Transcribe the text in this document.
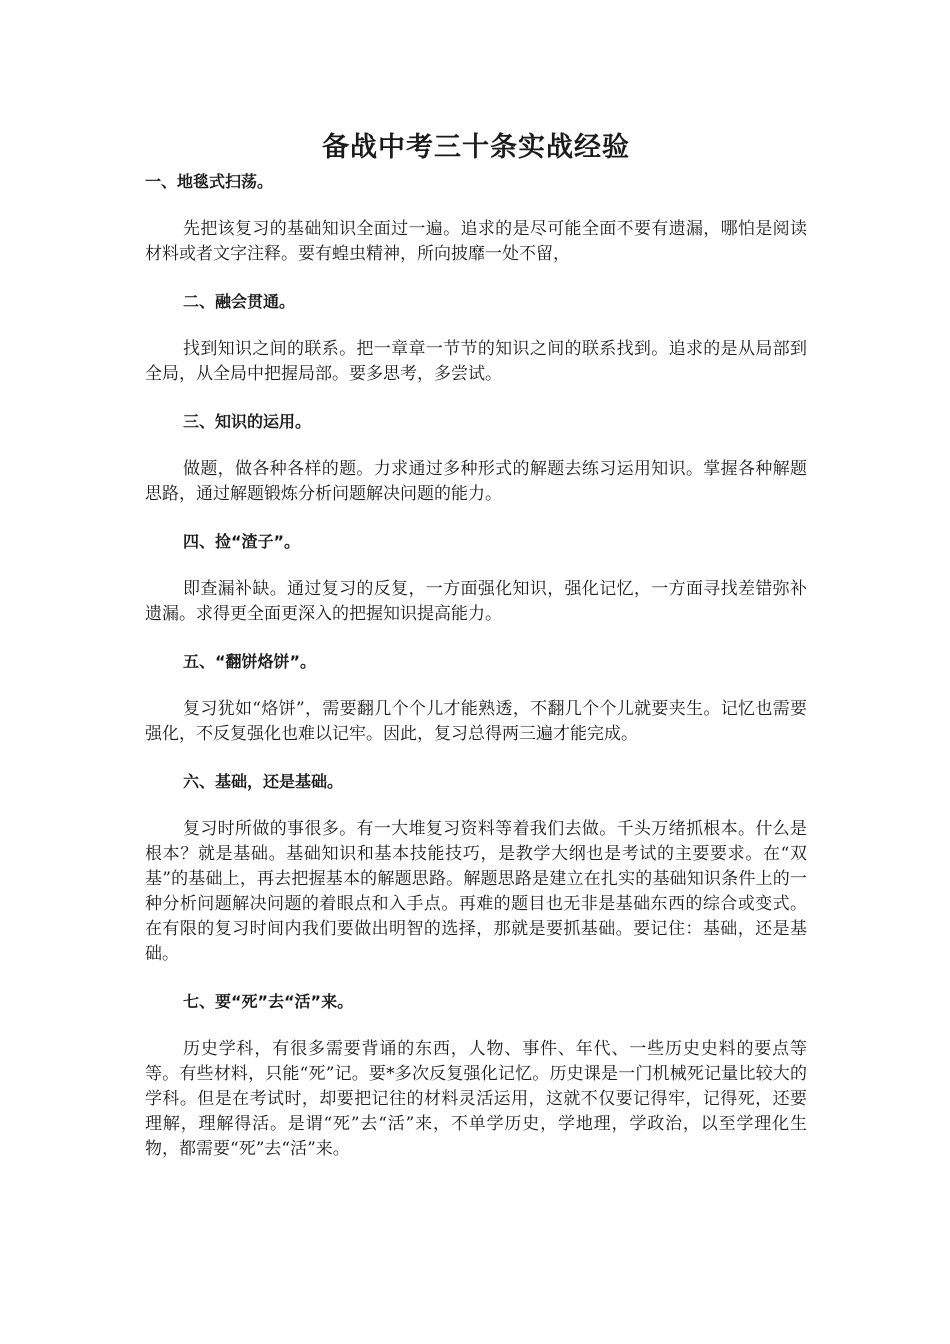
备战中考三十条实战经验

一、地毯式扫荡。

先把该复习的基础知识全面过一遍。追求的是尽可能全面不要有遗漏，哪怕是阅读材料或者文字注释。要有蝗虫精神，所向披靡一处不留，

二、融会贯通。

找到知识之间的联系。把一章章一节节的知识之间的联系找到。追求的是从局部到全局，从全局中把握局部。要多思考，多尝试。

三、知识的运用。

做题，做各种各样的题。力求通过多种形式的解题去练习运用知识。掌握各种解题思路，通过解题锻炼分析问题解决问题的能力。

四、捡“渣子”。

即查漏补缺。通过复习的反复，一方面强化知识，强化记忆，一方面寻找差错弥补遗漏。求得更全面更深入的把握知识提高能力。

五、“翻饼烙饼”。

复习犹如“烙饼”，需要翻几个个儿才能熟透，不翻几个个儿就要夹生。记忆也需要强化，不反复强化也难以记牢。因此，复习总得两三遍才能完成。

六、基础，还是基础。

复习时所做的事很多。有一大堆复习资料等着我们去做。千头万绪抓根本。什么是根本？就是基础。基础知识和基本技能技巧，是教学大纲也是考试的主要要求。在“双基”的基础上，再去把握基本的解题思路。解题思路是建立在扎实的基础知识条件上的一种分析问题解决问题的着眼点和入手点。再难的题目也无非是基础东西的综合或变式。在有限的复习时间内我们要做出明智的选择，那就是要抓基础。要记住：基础，还是基础。

七、要“死”去“活”来。

历史学科，有很多需要背诵的东西，人物、事件、年代、一些历史史料的要点等等。有些材料，只能“死”记。要*多次反复强化记忆。历史课是一门机械死记量比较大的学科。但是在考试时，却要把记往的材料灵活运用，这就不仅要记得牢，记得死，还要理解，理解得活。是谓“死”去“活”来，不单学历史，学地理，学政治，以至学理化生物，都需要“死”去“活”来。
